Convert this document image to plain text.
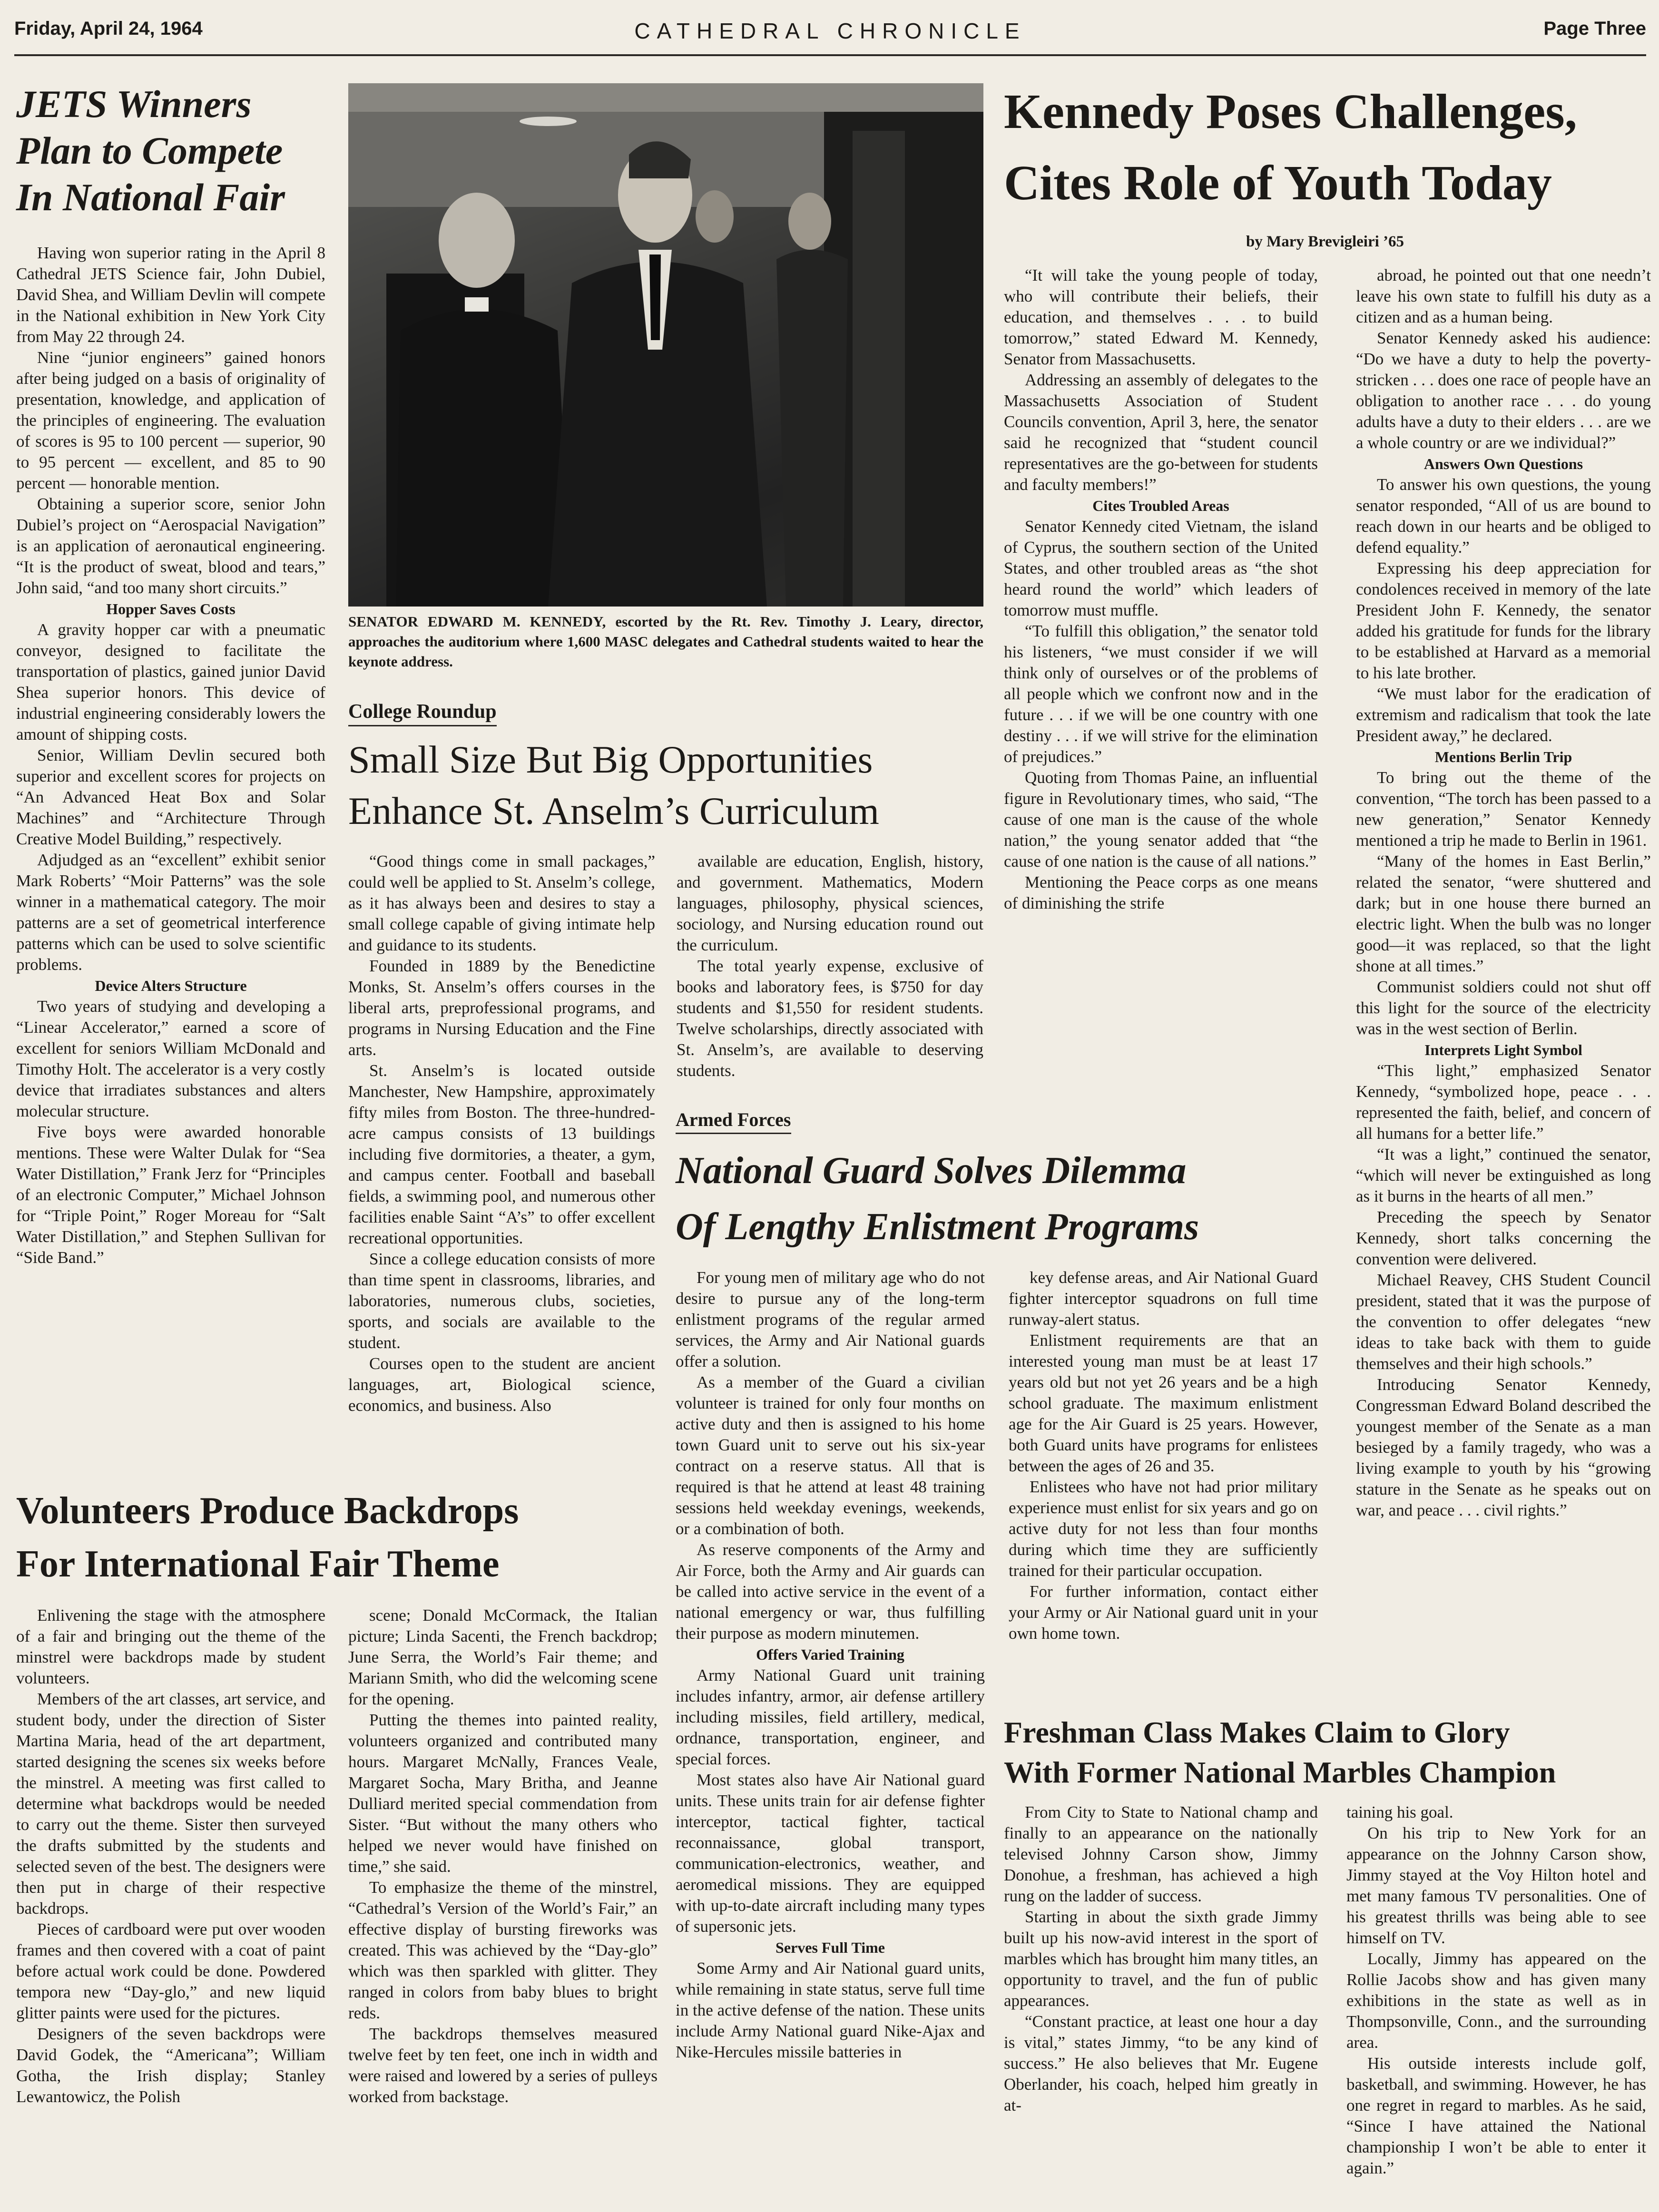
Friday, April 24, 1964	CATHEDRAL CHRONICLE	Page Three
JETS Winners
Plan to Compete
In National Fair

Having won superior rating in the April 8 Cathedral JETS Science fair, John Dubiel, David Shea, and William Devlin will compete in the National exhibition in New York City from May 22 through 24.

Nine “junior engineers” gained honors after being judged on a basis of originality of presentation, knowledge, and application of the principles of engineering. The evaluation of scores is 95 to 100 percent — superior, 90 to 95 percent — excellent, and 85 to 90 percent — honorable mention.

Obtaining a superior score, senior John Dubiel’s project on “Aerospacial Navigation” is an application of aeronautical engineering. “It is the product of sweat, blood and tears,” John said, “and too many short circuits.”

Hopper Saves Costs

A gravity hopper car with a pneumatic conveyor, designed to facilitate the transportation of plastics, gained junior David Shea superior honors. This device of industrial engineering considerably lowers the amount of shipping costs.

Senior, William Devlin secured both superior and excellent scores for projects on “An Advanced Heat Box and Solar Machines” and “Architecture Through Creative Model Building,” respectively.

Adjudged as an “excellent” exhibit senior Mark Roberts’ “Moir Patterns” was the sole winner in a mathematical category. The moir patterns are a set of geometrical interference patterns which can be used to solve scientific problems.

Device Alters Structure

Two years of studying and developing a “Linear Accelerator,” earned a score of excellent for seniors William McDonald and Timothy Holt. The accelerator is a very costly device that irradiates substances and alters molecular structure.

Five boys were awarded honorable mentions. These were Walter Dulak for “Sea Water Distillation,” Frank Jerz for “Principles of an electronic Computer,” Michael Johnson for “Triple Point,” Roger Moreau for “Salt Water Distillation,” and Stephen Sullivan for “Side Band.”

SENATOR EDWARD M. KENNEDY, escorted by the Rt. Rev. Timothy J. Leary, director, approaches the auditorium where 1,600 MASC delegates and Cathedral students waited to hear the keynote address.
College Roundup
Small Size But Big Opportunities
Enhance St. Anselm’s Curriculum

“Good things come in small packages,” could well be applied to St. Anselm’s college, as it has always been and desires to stay a small college capable of giving intimate help and guidance to its students.

Founded in 1889 by the Benedictine Monks, St. Anselm’s offers courses in the liberal arts, preprofessional programs, and programs in Nursing Education and the Fine arts.

St. Anselm’s is located outside Manchester, New Hampshire, approximately fifty miles from Boston. The three-hundred-acre campus consists of 13 buildings including five dormitories, a theater, a gym, and campus center. Football and baseball fields, a swimming pool, and numerous other facilities enable Saint “A’s” to offer excellent recreational opportunities.

Since a college education consists of more than time spent in classrooms, libraries, and laboratories, numerous clubs, societies, sports, and socials are available to the student.

Courses open to the student are ancient languages, art, Biological science, economics, and business. Also

available are education, English, history, and government. Mathematics, Modern languages, philosophy, physical sciences, sociology, and Nursing education round out the curriculum.

The total yearly expense, exclusive of books and laboratory fees, is $750 for day students and $1,550 for resident students. Twelve scholarships, directly associated with St. Anselm’s, are available to deserving students.

Kennedy Poses Challenges,
Cites Role of Youth Today
by Mary Brevigleiri ’65

“It will take the young people of today, who will contribute their beliefs, their education, and themselves . . . to build tomorrow,” stated Edward M. Kennedy, Senator from Massachusetts.

Addressing an assembly of delegates to the Massachusetts Association of Student Councils convention, April 3, here, the senator said he recognized that “student council representatives are the go-between for students and faculty members!”

Cites Troubled Areas

Senator Kennedy cited Vietnam, the island of Cyprus, the southern section of the United States, and other troubled areas as “the shot heard round the world” which leaders of tomorrow must muffle.

“To fulfill this obligation,” the senator told his listeners, “we must consider if we will think only of ourselves or of the problems of all people which we confront now and in the future . . . if we will be one country with one destiny . . . if we will strive for the elimination of prejudices.”

Quoting from Thomas Paine, an influential figure in Revolutionary times, who said, “The cause of one man is the cause of the whole nation,” the young senator added that “the cause of one nation is the cause of all nations.”

Mentioning the Peace corps as one means of diminishing the strife

abroad, he pointed out that one needn’t leave his own state to fulfill his duty as a citizen and as a human being.

Senator Kennedy asked his audience: “Do we have a duty to help the poverty-stricken . . . does one race of people have an obligation to another race . . . do young adults have a duty to their elders . . . are we a whole country or are we individual?”

Answers Own Questions

To answer his own questions, the young senator responded, “All of us are bound to reach down in our hearts and be obliged to defend equality.”

Expressing his deep appreciation for condolences received in memory of the late President John F. Kennedy, the senator added his gratitude for funds for the library to be established at Harvard as a memorial to his late brother.

“We must labor for the eradication of extremism and radicalism that took the late President away,” he declared.

Mentions Berlin Trip

To bring out the theme of the convention, “The torch has been passed to a new generation,” Senator Kennedy mentioned a trip he made to Berlin in 1961.

“Many of the homes in East Berlin,” related the senator, “were shuttered and dark; but in one house there burned an electric light. When the bulb was no longer good—it was replaced, so that the light shone at all times.”

Communist soldiers could not shut off this light for the source of the electricity was in the west section of Berlin.

Interprets Light Symbol

“This light,” emphasized Senator Kennedy, “symbolized hope, peace . . . represented the faith, belief, and concern of all humans for a better life.”

“It was a light,” continued the senator, “which will never be extinguished as long as it burns in the hearts of all men.”

Preceding the speech by Senator Kennedy, short talks concerning the convention were delivered.

Michael Reavey, CHS Student Council president, stated that it was the purpose of the convention to offer delegates “new ideas to take back with them to guide themselves and their high schools.”

Introducing Senator Kennedy, Congressman Edward Boland described the youngest member of the Senate as a man besieged by a family tragedy, who was a living example to youth by his “growing stature in the Senate as he speaks out on war, and peace . . . civil rights.”

Armed Forces
National Guard Solves Dilemma
Of Lengthy Enlistment Programs

For young men of military age who do not desire to pursue any of the long-term enlistment programs of the regular armed services, the Army and Air National guards offer a solution.

As a member of the Guard a civilian volunteer is trained for only four months on active duty and then is assigned to his home town Guard unit to serve out his six-year contract on a reserve status. All that is required is that he attend at least 48 training sessions held weekday evenings, weekends, or a combination of both.

As reserve components of the Army and Air Force, both the Army and Air guards can be called into active service in the event of a national emergency or war, thus fulfilling their purpose as modern minutemen.

Offers Varied Training

Army National Guard unit training includes infantry, armor, air defense artillery including missiles, field artillery, medical, ordnance, transportation, engineer, and special forces.

Most states also have Air National guard units. These units train for air defense fighter interceptor, tactical fighter, tactical reconnaissance, global transport, communication-electronics, weather, and aeromedical missions. They are equipped with up-to-date aircraft including many types of supersonic jets.

Serves Full Time

Some Army and Air National guard units, while remaining in state status, serve full time in the active defense of the nation. These units include Army National guard Nike-Ajax and Nike-Hercules missile batteries in

key defense areas, and Air National Guard fighter interceptor squadrons on full time runway-alert status.

Enlistment requirements are that an interested young man must be at least 17 years old but not yet 26 years and be a high school graduate. The maximum enlistment age for the Air Guard is 25 years. However, both Guard units have programs for enlistees between the ages of 26 and 35.

Enlistees who have not had prior military experience must enlist for six years and go on active duty for not less than four months during which time they are sufficiently trained for their particular occupation.

For further information, contact either your Army or Air National guard unit in your own home town.

Volunteers Produce Backdrops
For International Fair Theme

Enlivening the stage with the atmosphere of a fair and bringing out the theme of the minstrel were backdrops made by student volunteers.

Members of the art classes, art service, and student body, under the direction of Sister Martina Maria, head of the art department, started designing the scenes six weeks before the minstrel. A meeting was first called to determine what backdrops would be needed to carry out the theme. Sister then surveyed the drafts submitted by the students and selected seven of the best. The designers were then put in charge of their respective backdrops.

Pieces of cardboard were put over wooden frames and then covered with a coat of paint before actual work could be done. Powdered tempora new “Day-glo,” and new liquid glitter paints were used for the pictures.

Designers of the seven backdrops were David Godek, the “Americana”; William Gotha, the Irish display; Stanley Lewantowicz, the Polish

scene; Donald McCormack, the Italian picture; Linda Sacenti, the French backdrop; June Serra, the World’s Fair theme; and Mariann Smith, who did the welcoming scene for the opening.

Putting the themes into painted reality, volunteers organized and contributed many hours. Margaret McNally, Frances Veale, Margaret Socha, Mary Britha, and Jeanne Dulliard merited special commendation from Sister. “But without the many others who helped we never would have finished on time,” she said.

To emphasize the theme of the minstrel, “Cathedral’s Version of the World’s Fair,” an effective display of bursting fireworks was created. This was achieved by the “Day-glo” which was then sparkled with glitter. They ranged in colors from baby blues to bright reds.

The backdrops themselves measured twelve feet by ten feet, one inch in width and were raised and lowered by a series of pulleys worked from backstage.

Freshman Class Makes Claim to Glory
With Former National Marbles Champion

From City to State to National champ and finally to an appearance on the nationally televised Johnny Carson show, Jimmy Donohue, a freshman, has achieved a high rung on the ladder of success.

Starting in about the sixth grade Jimmy built up his now-avid interest in the sport of marbles which has brought him many titles, an opportunity to travel, and the fun of public appearances.

“Constant practice, at least one hour a day is vital,” states Jimmy, “to be any kind of success.” He also believes that Mr. Eugene Oberlander, his coach, helped him greatly in at-

taining his goal.

On his trip to New York for an appearance on the Johnny Carson show, Jimmy stayed at the Voy Hilton hotel and met many famous TV personalities. One of his greatest thrills was being able to see himself on TV.

Locally, Jimmy has appeared on the Rollie Jacobs show and has given many exhibitions in the state as well as in Thompsonville, Conn., and the surrounding area.

His outside interests include golf, basketball, and swimming. However, he has one regret in regard to marbles. As he said, “Since I have attained the National championship I won’t be able to enter it again.”
